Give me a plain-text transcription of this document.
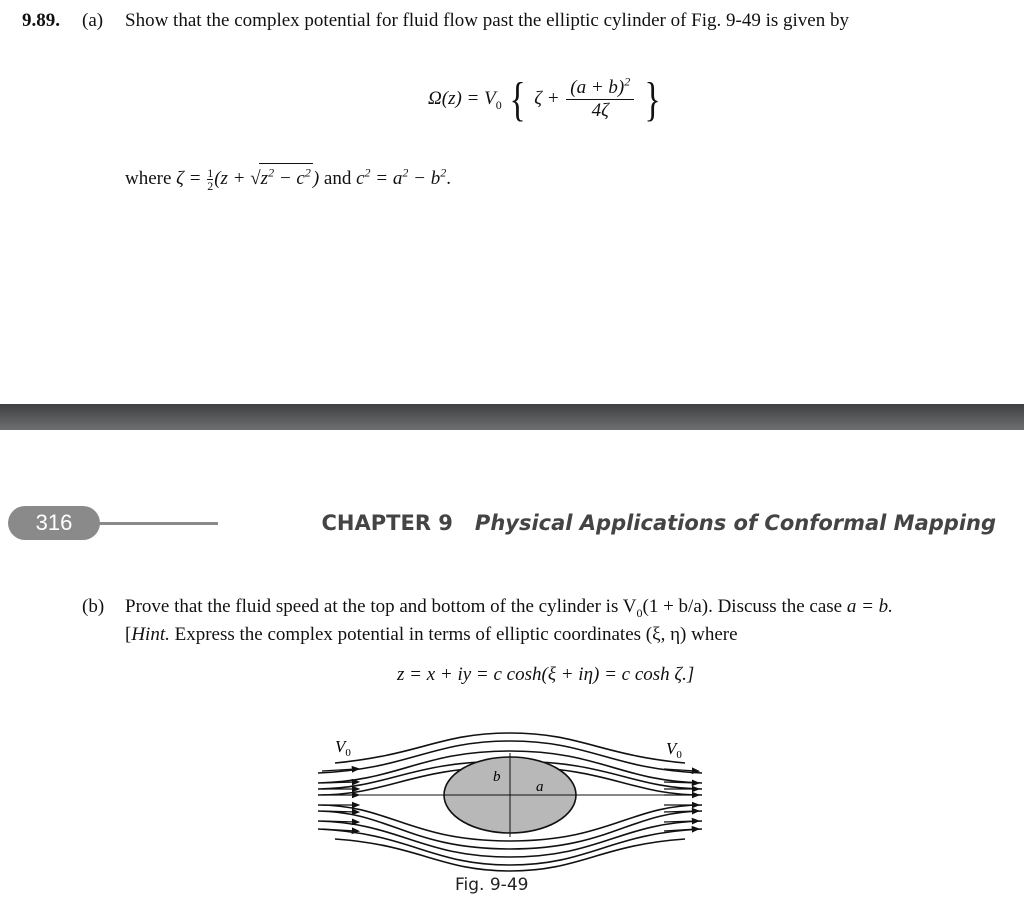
9.89. (a) Show that the complex potential for fluid flow past the elliptic cylinder of Fig. 9-49 is given by
$\Omega(z) = V_0$ { $\zeta + \frac{(a + b)^2}{4\zeta}$ }
where $\zeta = \frac{1}{2} (z + √z^2 - c^2$ ) and $c^2 = a^2 - b^2$.
316	CHAPTER 9 Physical Applications of Conformal Mapping
(b) Prove that the fluid speed at the top and bottom of the cylinder is $V_0(1 + b/a)$. Discuss the case a = b.
[Hint. Express the complex potential in terms of elliptic coordinates (ξ, η) where
z = x + iy = c cosh(ξ + iη) = c cosh ζ.]
b
a
$V_0$	$V_0$
Fig. 9-49
